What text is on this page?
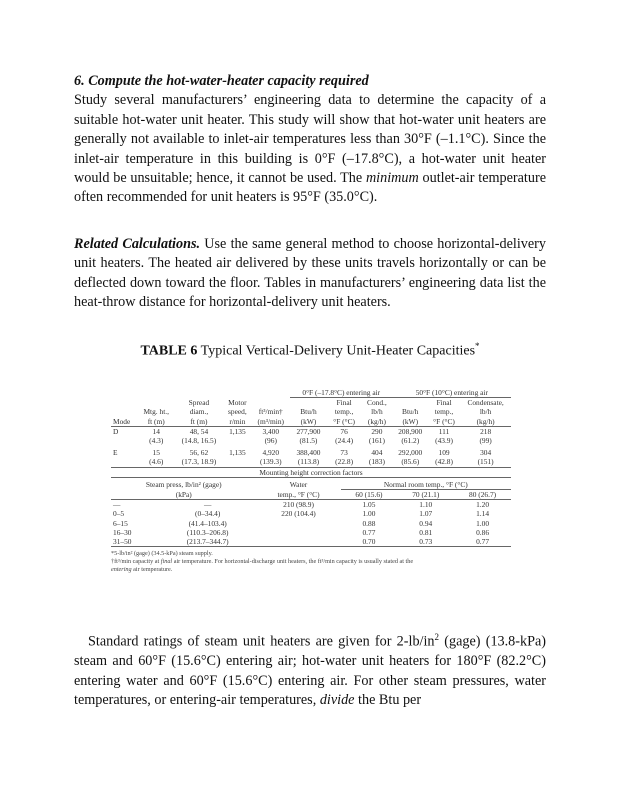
6. Compute the hot-water-heater capacity required
Study several manufacturers’ engineering data to determine the capacity of a suitable hot-water unit heater. This study will show that hot-water unit heaters are generally not available to inlet-air temperatures less than 30°F (–1.1°C). Since the inlet-air temperature in this building is 0°F (–17.8°C), a hot-water unit heater would be unsuitable; hence, it cannot be used. The minimum outlet-air temperature often recommended for unit heaters is 95°F (35.0°C).
Related Calculations. Use the same general method to choose horizontal-delivery unit heaters. The heated air delivered by these units travels horizontally or can be deflected down toward the floor. Tables in manufacturers’ engineering data list the heat-throw distance for horizontal-delivery unit heaters.
TABLE 6 Typical Vertical-Delivery Unit-Heater Capacities*
					0°F (–17.8°C) entering air			50°F (10°C) entering air		
		Spread	Motor			Final	Cond.,		Final	Condensate,
	Mtg. ht.,	diam.,	speed,	ft³/min†	Btu/h	temp.,	lb/h	Btu/h	temp.,	lb/h
Mode	ft (m)	ft (m)	r/min	(m³/min)	(kW)	°F (°C)	(kg/h)	(kW)	°F (°C)	(kg/h)
D	14	48, 54	1,135	3,400	277,900	76	290	208,900	111	218
	(4.3)	(14.8, 16.5)		(96)	(81.5)	(24.4)	(161)	(61.2)	(43.9)	(99)

E	15	56, 62	1,135	4,920	388,400	73	404	292,000	109	304
	(4.6)	(17.3, 18.9)		(139.3)	(113.8)	(22.8)	(183)	(85.6)	(42.8)	(151)
Mounting height correction factors										
Steam press, lb/in² (gage)		Water	Normal room temp., °F (°C)		
(kPa)		temp., °F (°C)	60 (15.6)	70 (21.1)	80 (26.7)
—	—	210 (98.9)	1.05	1.10	1.20
0–5	(0–34.4)	220 (104.4)	1.00	1.07	1.14
6–15	(41.4–103.4)		0.88	0.94	1.00
16–30	(110.3–206.8)		0.77	0.81	0.86
31–50	(213.7–344.7)		0.70	0.73	0.77
*5-lb/in² (gage) (34.5-kPa) steam supply.
†ft³/min capacity at final air temperature. For horizontal-discharge unit heaters, the ft³/min capacity is usually stated at the
entering air temperature.
Standard ratings of steam unit heaters are given for $2-lb/in^2$ (gage) (13.8-kPa) steam and 60°F (15.6°C) entering air; hot-water unit heaters for 180°F (82.2°C) entering water and 60°F (15.6°C) entering air. For other steam pressures, water temperatures, or entering-air temperatures, divide the Btu per
